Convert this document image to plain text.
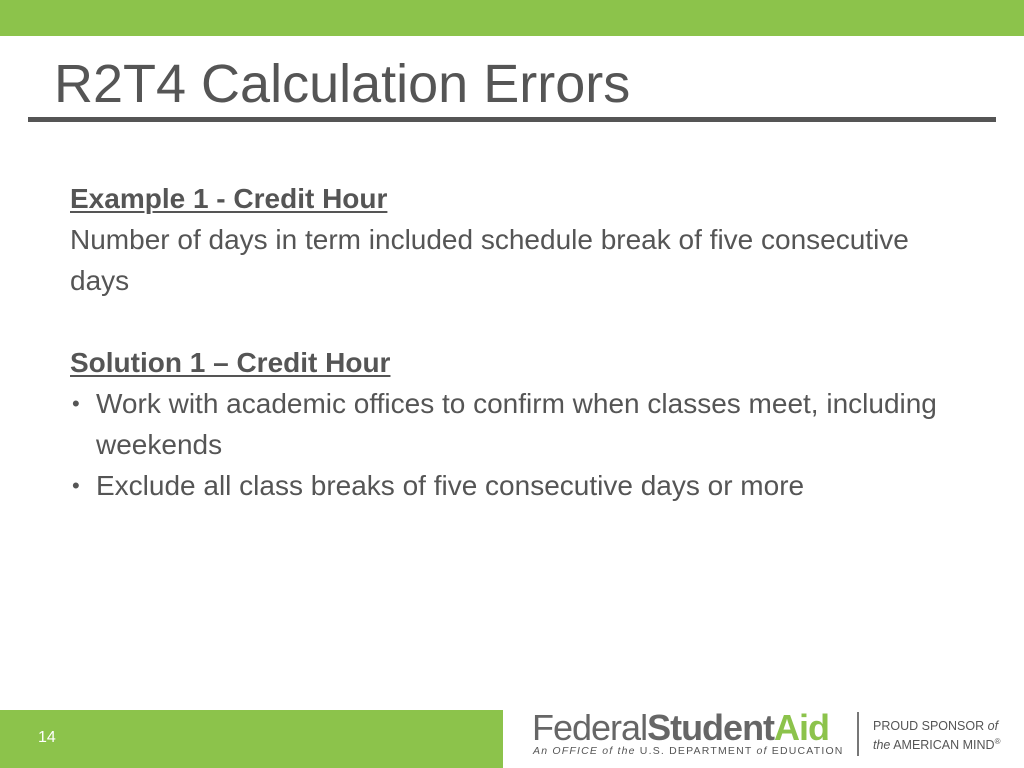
R2T4 Calculation Errors
Example 1 - Credit Hour

Number of days in term included schedule break of five consecutive days

Solution 1 – Credit Hour
• Work with academic offices to confirm when classes meet, including weekends
• Exclude all class breaks of five consecutive days or more
14	FederalStudentAid
An OFFICE of the U.S. DEPARTMENT of EDUCATION
PROUD SPONSOR of
the AMERICAN MIND®
